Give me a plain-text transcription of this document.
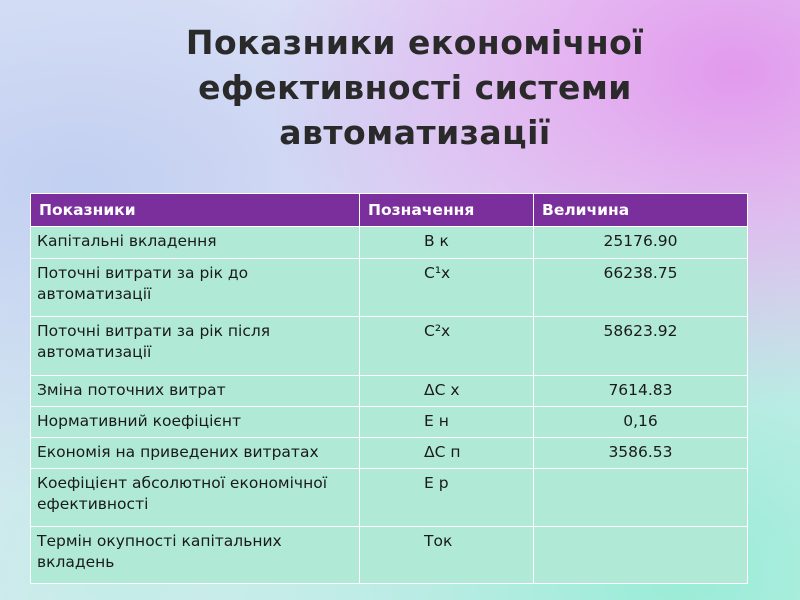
Показники економічної
ефективності системи
автоматизації
Показники	Позначення	Величина
Капітальні вкладення	В к	25176.90
Поточні витрати за рік до автоматизації	С¹х	66238.75
Поточні витрати за рік після автоматизації	С²х	58623.92
Зміна поточних витрат	ΔС х	7614.83
Нормативний коефіцієнт	Е н	0,16
Економія на приведених витратах	ΔС п	3586.53
Коефіцієнт абсолютної економічної ефективності	Е р	
Термін окупності капітальних вкладень	Ток	
